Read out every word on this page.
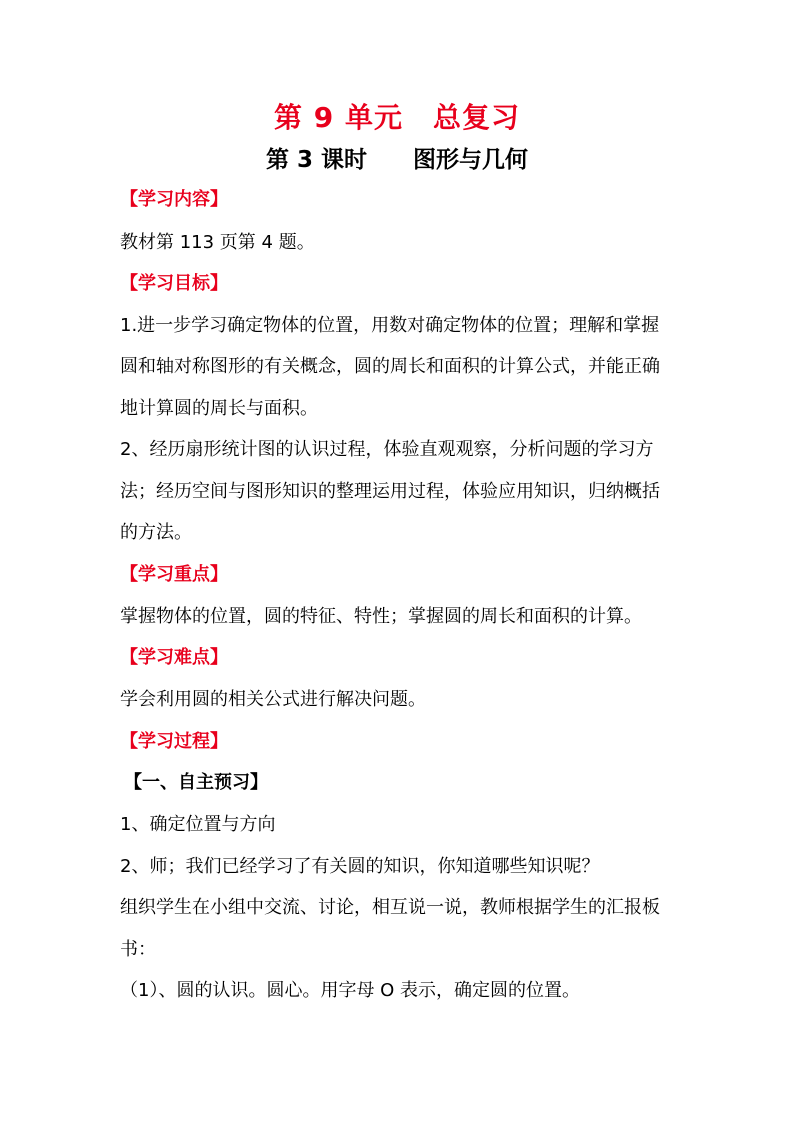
第 9 单元 总复习
第 3 课时 图形与几何
【学习内容】
教材第 113 页第 4 题。
【学习目标】
1.进一步学习确定物体的位置，用数对确定物体的位置；理解和掌握
圆和轴对称图形的有关概念，圆的周长和面积的计算公式，并能正确
地计算圆的周长与面积。
2、经历扇形统计图的认识过程，体验直观观察，分析问题的学习方
法；经历空间与图形知识的整理运用过程，体验应用知识，归纳概括
的方法。
【学习重点】
掌握物体的位置，圆的特征、特性；掌握圆的周长和面积的计算。
【学习难点】
学会利用圆的相关公式进行解决问题。
【学习过程】
【一、自主预习】
1、确定位置与方向
2、师；我们已经学习了有关圆的知识，你知道哪些知识呢？
组织学生在小组中交流、讨论，相互说一说，教师根据学生的汇报板
书：
（1）、圆的认识。圆心。用字母 O 表示，确定圆的位置。
